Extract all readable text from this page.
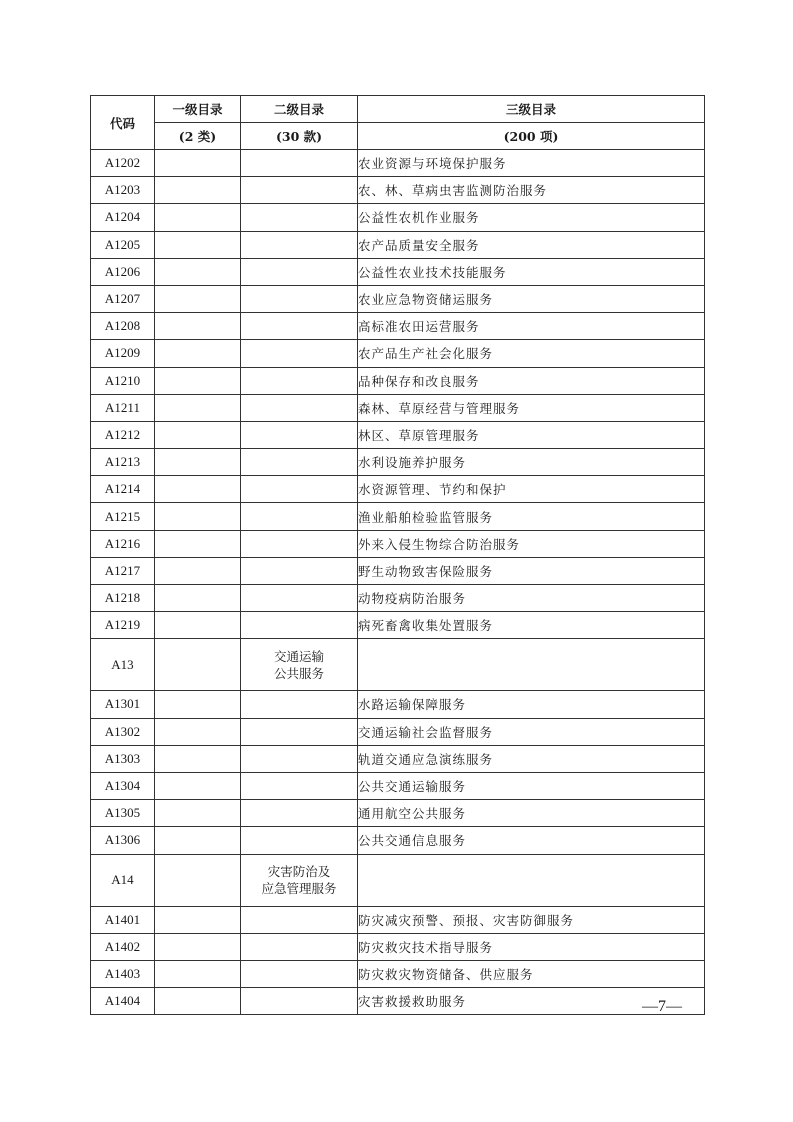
代码	一级目录	二级目录	三级目录
	(2 类)	(30 款)	(200 项)
A1202			农业资源与环境保护服务
A1203			农、林、草病虫害监测防治服务
A1204			公益性农机作业服务
A1205			农产品质量安全服务
A1206			公益性农业技术技能服务
A1207			农业应急物资储运服务
A1208			高标准农田运营服务
A1209			农产品生产社会化服务
A1210			品种保存和改良服务
A1211			森林、草原经营与管理服务
A1212			林区、草原管理服务
A1213			水利设施养护服务
A1214			水资源管理、节约和保护
A1215			渔业船舶检验监管服务
A1216			外来入侵生物综合防治服务
A1217			野生动物致害保险服务
A1218			动物疫病防治服务
A1219			病死畜禽收集处置服务
A13		交通运输
公共服务	
A1301			水路运输保障服务
A1302			交通运输社会监督服务
A1303			轨道交通应急演练服务
A1304			公共交通运输服务
A1305			通用航空公共服务
A1306			公共交通信息服务
A14		灾害防治及
应急管理服务	
A1401			防灾减灾预警、预报、灾害防御服务
A1402			防灾救灾技术指导服务
A1403			防灾救灾物资储备、供应服务
A1404			灾害救援救助服务	—7—
